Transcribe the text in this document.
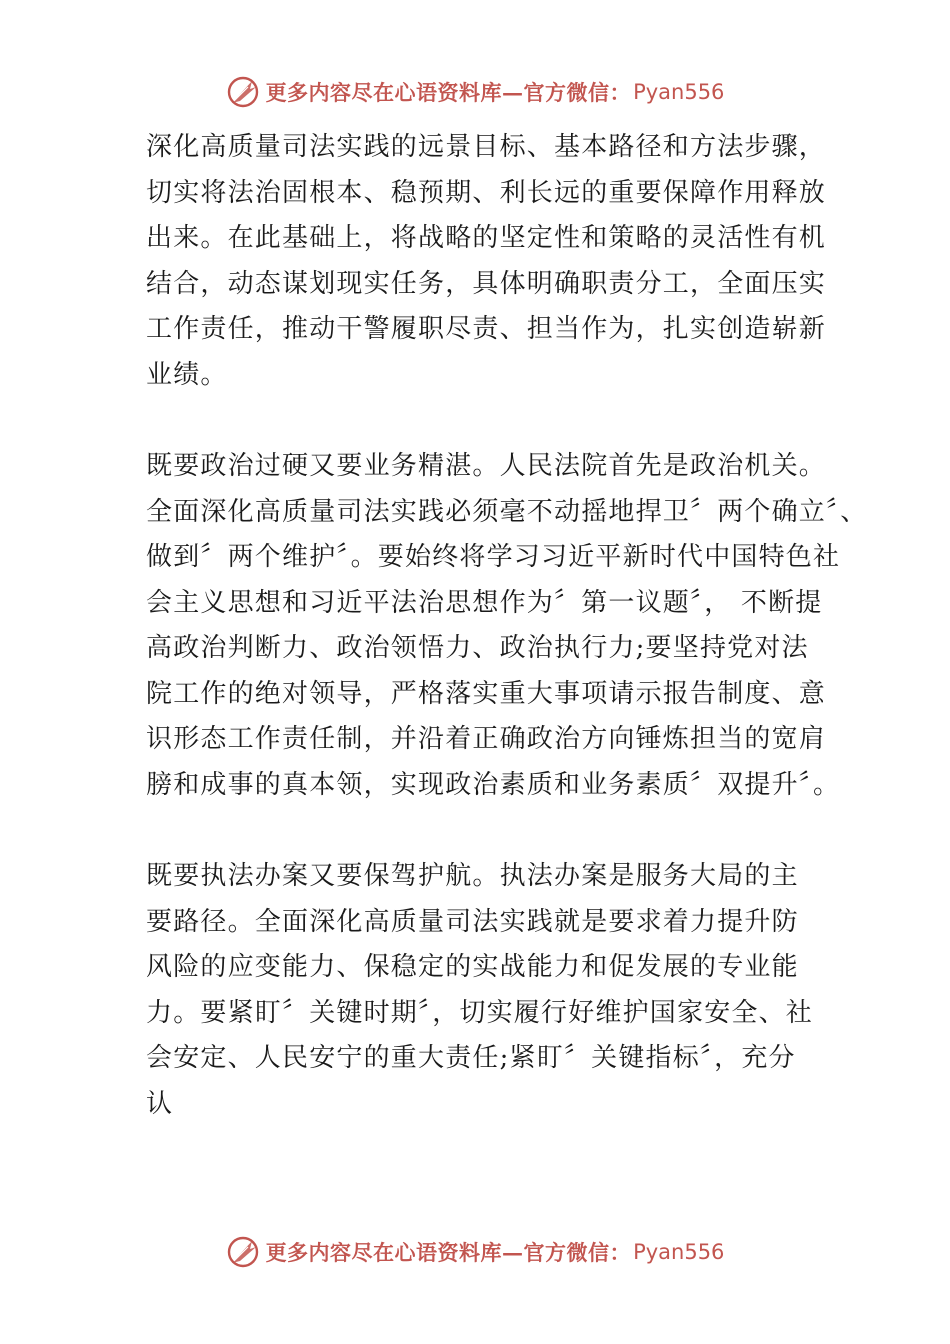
更多内容尽在心语资料库—官方微信： Pyan556

深化高质量司法实践的远景目标、基本路径和方法步骤，
切实将法治固根本、稳预期、利长远的重要保障作用释放
出来。在此基础上，将战略的坚定性和策略的灵活性有机
结合，动态谋划现实任务，具体明确职责分工，全面压实
工作责任，推动干警履职尽责、担当作为，扎实创造崭新
业绩。

既要政治过硬又要业务精湛。人民法院首先是政治机关。
全面深化高质量司法实践必须毫不动摇地捍卫〞两个确立〞、
做到〞两个维护〞。要始终将学习习近平新时代中国特色社
会主义思想和习近平法治思想作为〞第一议题〞， 不断提
高政治判断力、政治领悟力、政治执行力;要坚持党对法
院工作的绝对领导，严格落实重大事项请示报告制度、意
识形态工作责任制，并沿着正确政治方向锤炼担当的宽肩
膀和成事的真本领，实现政治素质和业务素质〞双提升〞。

既要执法办案又要保驾护航。执法办案是服务大局的主
要路径。全面深化高质量司法实践就是要求着力提升防
风险的应变能力、保稳定的实战能力和促发展的专业能
力。要紧盯〞关键时期〞，切实履行好维护国家安全、社
会安定、人民安宁的重大责任;紧盯〞关键指标〞，充分
认

更多内容尽在心语资料库—官方微信： Pyan556
